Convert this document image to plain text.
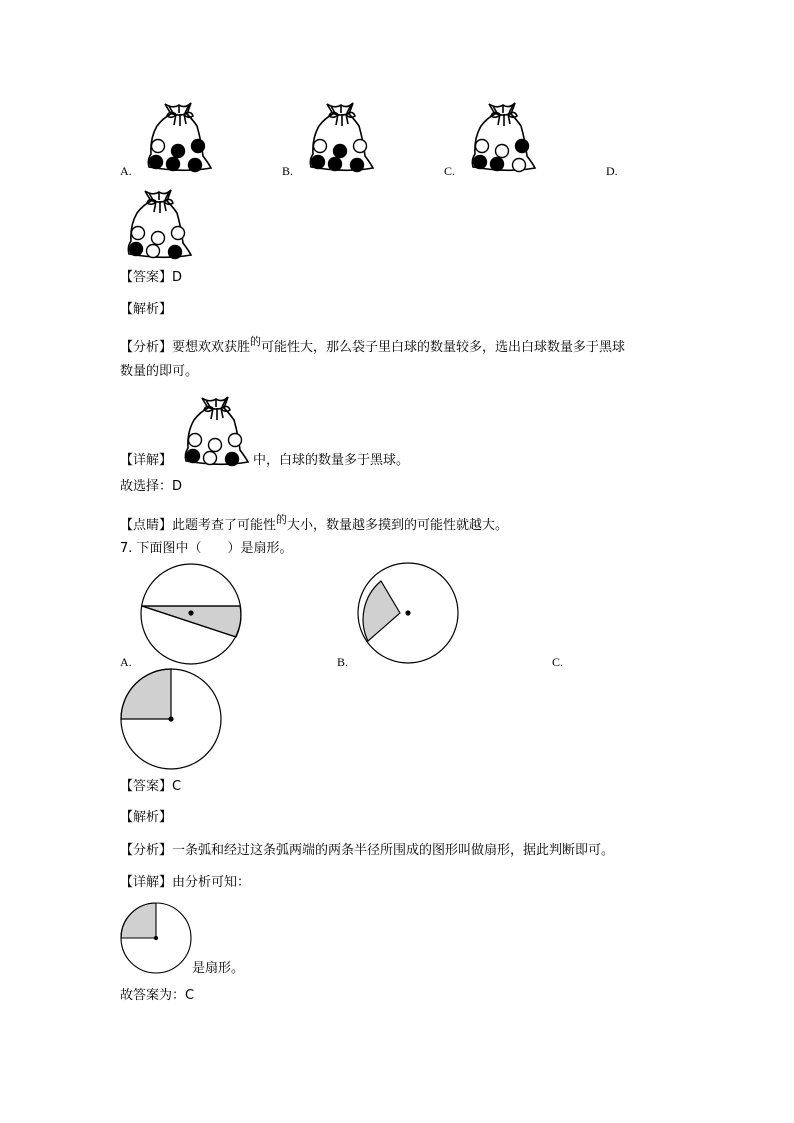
A.	B.	C.	D.
【答案】D
【解析】
【分析】要想欢欢获胜$^的$可能性大，那么袋子里白球的数量较多，选出白球数量多于黑球
数量的即可。
【详解】	中，白球的数量多于黑球。
故选择：D
【点睛】此题考查了可能性$^的$大小，数量越多摸到的可能性就越大。
7. 下面图中（　　）是扇形。
A.	B.	C.
【答案】C
【解析】
【分析】一条弧和经过这条弧两端的两条半径所围成的图形叫做扇形，据此判断即可。
【详解】由分析可知：
是扇形。
故答案为：C
